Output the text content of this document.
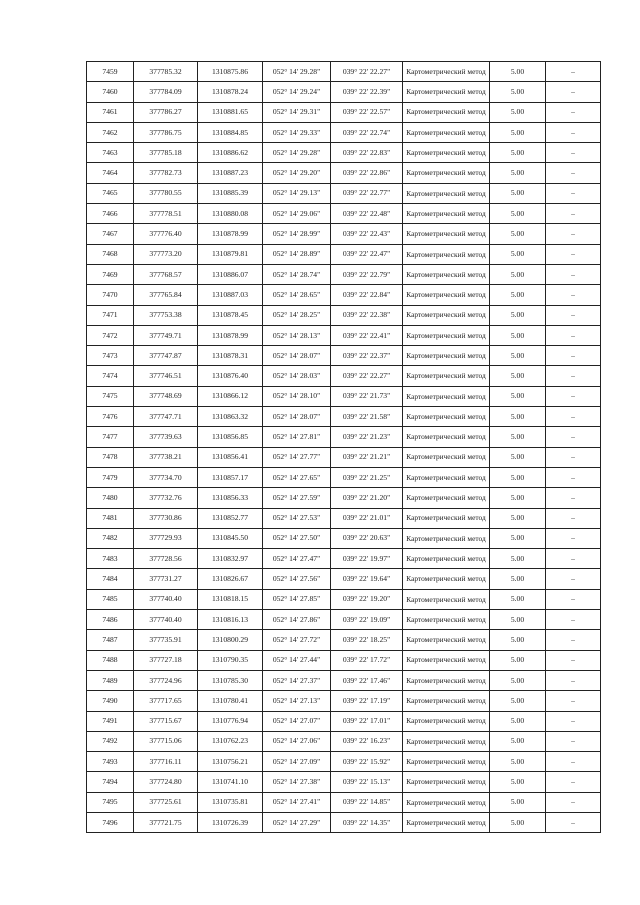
7459	377785.32	1310875.86	052° 14' 29.28"	039° 22' 22.27"	Картометрический метод	5.00	–
7460	377784.09	1310878.24	052° 14' 29.24"	039° 22' 22.39"	Картометрический метод	5.00	–
7461	377786.27	1310881.65	052° 14' 29.31"	039° 22' 22.57"	Картометрический метод	5.00	–
7462	377786.75	1310884.85	052° 14' 29.33"	039° 22' 22.74"	Картометрический метод	5.00	–
7463	377785.18	1310886.62	052° 14' 29.28"	039° 22' 22.83"	Картометрический метод	5.00	–
7464	377782.73	1310887.23	052° 14' 29.20"	039° 22' 22.86"	Картометрический метод	5.00	–
7465	377780.55	1310885.39	052° 14' 29.13"	039° 22' 22.77"	Картометрический метод	5.00	–
7466	377778.51	1310880.08	052° 14' 29.06"	039° 22' 22.48"	Картометрический метод	5.00	–
7467	377776.40	1310878.99	052° 14' 28.99"	039° 22' 22.43"	Картометрический метод	5.00	–
7468	377773.20	1310879.81	052° 14' 28.89"	039° 22' 22.47"	Картометрический метод	5.00	–
7469	377768.57	1310886.07	052° 14' 28.74"	039° 22' 22.79"	Картометрический метод	5.00	–
7470	377765.84	1310887.03	052° 14' 28.65"	039° 22' 22.84"	Картометрический метод	5.00	–
7471	377753.38	1310878.45	052° 14' 28.25"	039° 22' 22.38"	Картометрический метод	5.00	–
7472	377749.71	1310878.99	052° 14' 28.13"	039° 22' 22.41"	Картометрический метод	5.00	–
7473	377747.87	1310878.31	052° 14' 28.07"	039° 22' 22.37"	Картометрический метод	5.00	–
7474	377746.51	1310876.40	052° 14' 28.03"	039° 22' 22.27"	Картометрический метод	5.00	–
7475	377748.69	1310866.12	052° 14' 28.10"	039° 22' 21.73"	Картометрический метод	5.00	–
7476	377747.71	1310863.32	052° 14' 28.07"	039° 22' 21.58"	Картометрический метод	5.00	–
7477	377739.63	1310856.85	052° 14' 27.81"	039° 22' 21.23"	Картометрический метод	5.00	–
7478	377738.21	1310856.41	052° 14' 27.77"	039° 22' 21.21"	Картометрический метод	5.00	–
7479	377734.70	1310857.17	052° 14' 27.65"	039° 22' 21.25"	Картометрический метод	5.00	–
7480	377732.76	1310856.33	052° 14' 27.59"	039° 22' 21.20"	Картометрический метод	5.00	–
7481	377730.86	1310852.77	052° 14' 27.53"	039° 22' 21.01"	Картометрический метод	5.00	–
7482	377729.93	1310845.50	052° 14' 27.50"	039° 22' 20.63"	Картометрический метод	5.00	–
7483	377728.56	1310832.97	052° 14' 27.47"	039° 22' 19.97"	Картометрический метод	5.00	–
7484	377731.27	1310826.67	052° 14' 27.56"	039° 22' 19.64"	Картометрический метод	5.00	–
7485	377740.40	1310818.15	052° 14' 27.85"	039° 22' 19.20"	Картометрический метод	5.00	–
7486	377740.40	1310816.13	052° 14' 27.86"	039° 22' 19.09"	Картометрический метод	5.00	–
7487	377735.91	1310800.29	052° 14' 27.72"	039° 22' 18.25"	Картометрический метод	5.00	–
7488	377727.18	1310790.35	052° 14' 27.44"	039° 22' 17.72"	Картометрический метод	5.00	–
7489	377724.96	1310785.30	052° 14' 27.37"	039° 22' 17.46"	Картометрический метод	5.00	–
7490	377717.65	1310780.41	052° 14' 27.13"	039° 22' 17.19"	Картометрический метод	5.00	–
7491	377715.67	1310776.94	052° 14' 27.07"	039° 22' 17.01"	Картометрический метод	5.00	–
7492	377715.06	1310762.23	052° 14' 27.06"	039° 22' 16.23"	Картометрический метод	5.00	–
7493	377716.11	1310756.21	052° 14' 27.09"	039° 22' 15.92"	Картометрический метод	5.00	–
7494	377724.80	1310741.10	052° 14' 27.38"	039° 22' 15.13"	Картометрический метод	5.00	–
7495	377725.61	1310735.81	052° 14' 27.41"	039° 22' 14.85"	Картометрический метод	5.00	–
7496	377721.75	1310726.39	052° 14' 27.29"	039° 22' 14.35"	Картометрический метод	5.00	–
